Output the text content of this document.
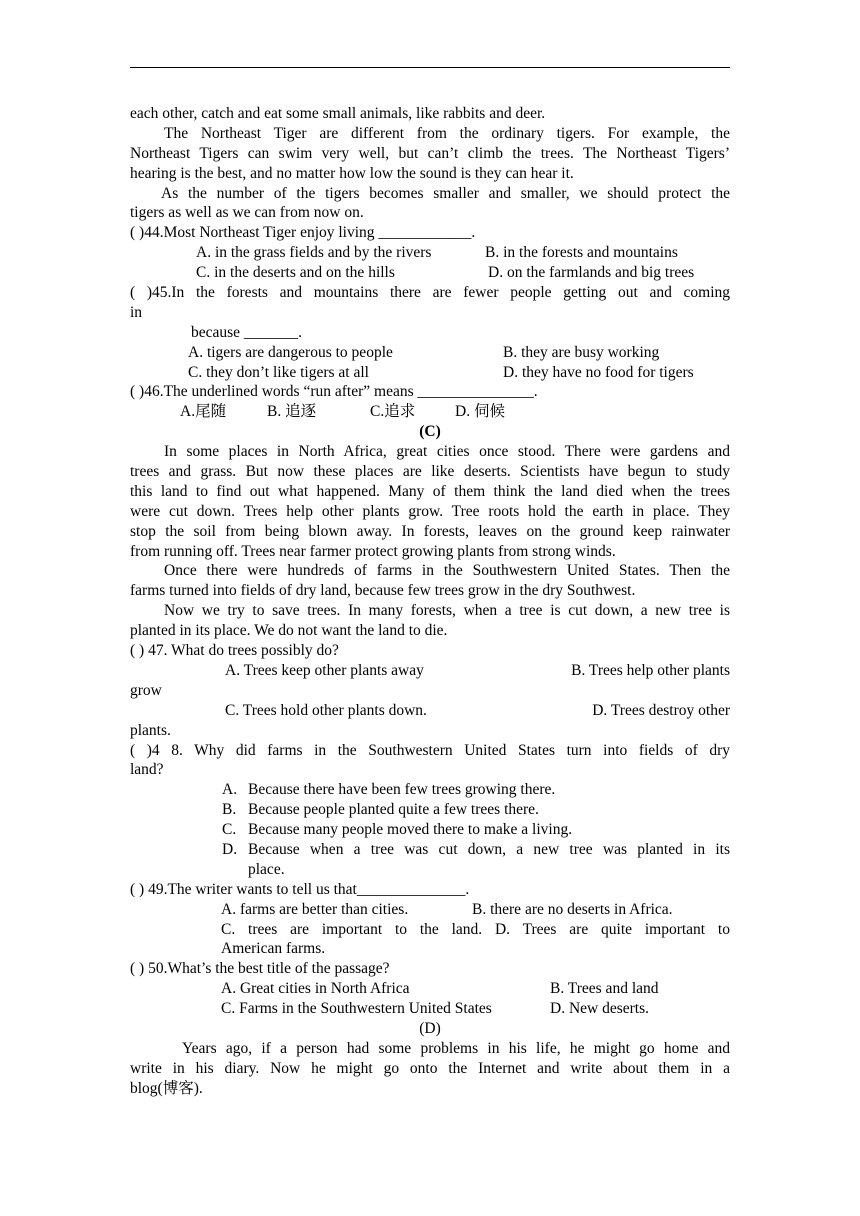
each other, catch and eat some small animals, like rabbits and deer.
The Northeast Tiger are different from the ordinary tigers. For example, the
Northeast Tigers can swim very well, but can’t climb the trees. The Northeast Tigers’
hearing is the best, and no matter how low the sound is they can hear it.
As the number of the tigers becomes smaller and smaller, we should protect the
tigers as well as we can from now on.
( )44.Most Northeast Tiger enjoy living ____________.
A. in the grass fields and by the rivers	B. in the forests and mountains
C. in the deserts and on the hills	D. on the farmlands and big trees
( )45.In the forests and mountains there are fewer people getting out and coming
in
because _______.
A. tigers are dangerous to people	B. they are busy working
C. they don’t like tigers at all	D. they have no food for tigers
( )46.The underlined words “run after” means _______________.
A.尾随	B. 追逐	C.追求	D. 伺候
(C)
In some places in North Africa, great cities once stood. There were gardens and
trees and grass. But now these places are like deserts. Scientists have begun to study
this land to find out what happened. Many of them think the land died when the trees
were cut down. Trees help other plants grow. Tree roots hold the earth in place. They
stop the soil from being blown away. In forests, leaves on the ground keep rainwater
from running off. Trees near farmer protect growing plants from strong winds.
Once there were hundreds of farms in the Southwestern United States. Then the
farms turned into fields of dry land, because few trees grow in the dry Southwest.
Now we try to save trees. In many forests, when a tree is cut down, a new tree is
planted in its place. We do not want the land to die.
( ) 47. What do trees possibly do?
A. Trees keep other plants away	B. Trees help other plants
grow
C. Trees hold other plants down.	D. Trees destroy other
plants.
( )4 8. Why did farms in the Southwestern United States turn into fields of dry
land?
A. Because there have been few trees growing there.
B. Because people planted quite a few trees there.
C. Because many people moved there to make a living.
D. Because when a tree was cut down, a new tree was planted in its
place.
( ) 49.The writer wants to tell us that______________.
A. farms are better than cities.	B. there are no deserts in Africa.
C. trees are important to the land. D. Trees are quite important to
American farms.
( ) 50.What’s the best title of the passage?
A. Great cities in North Africa	B. Trees and land
C. Farms in the Southwestern United States	D. New deserts.
(D)
Years ago, if a person had some problems in his life, he might go home and
write in his diary. Now he might go onto the Internet and write about them in a
blog(博客).
